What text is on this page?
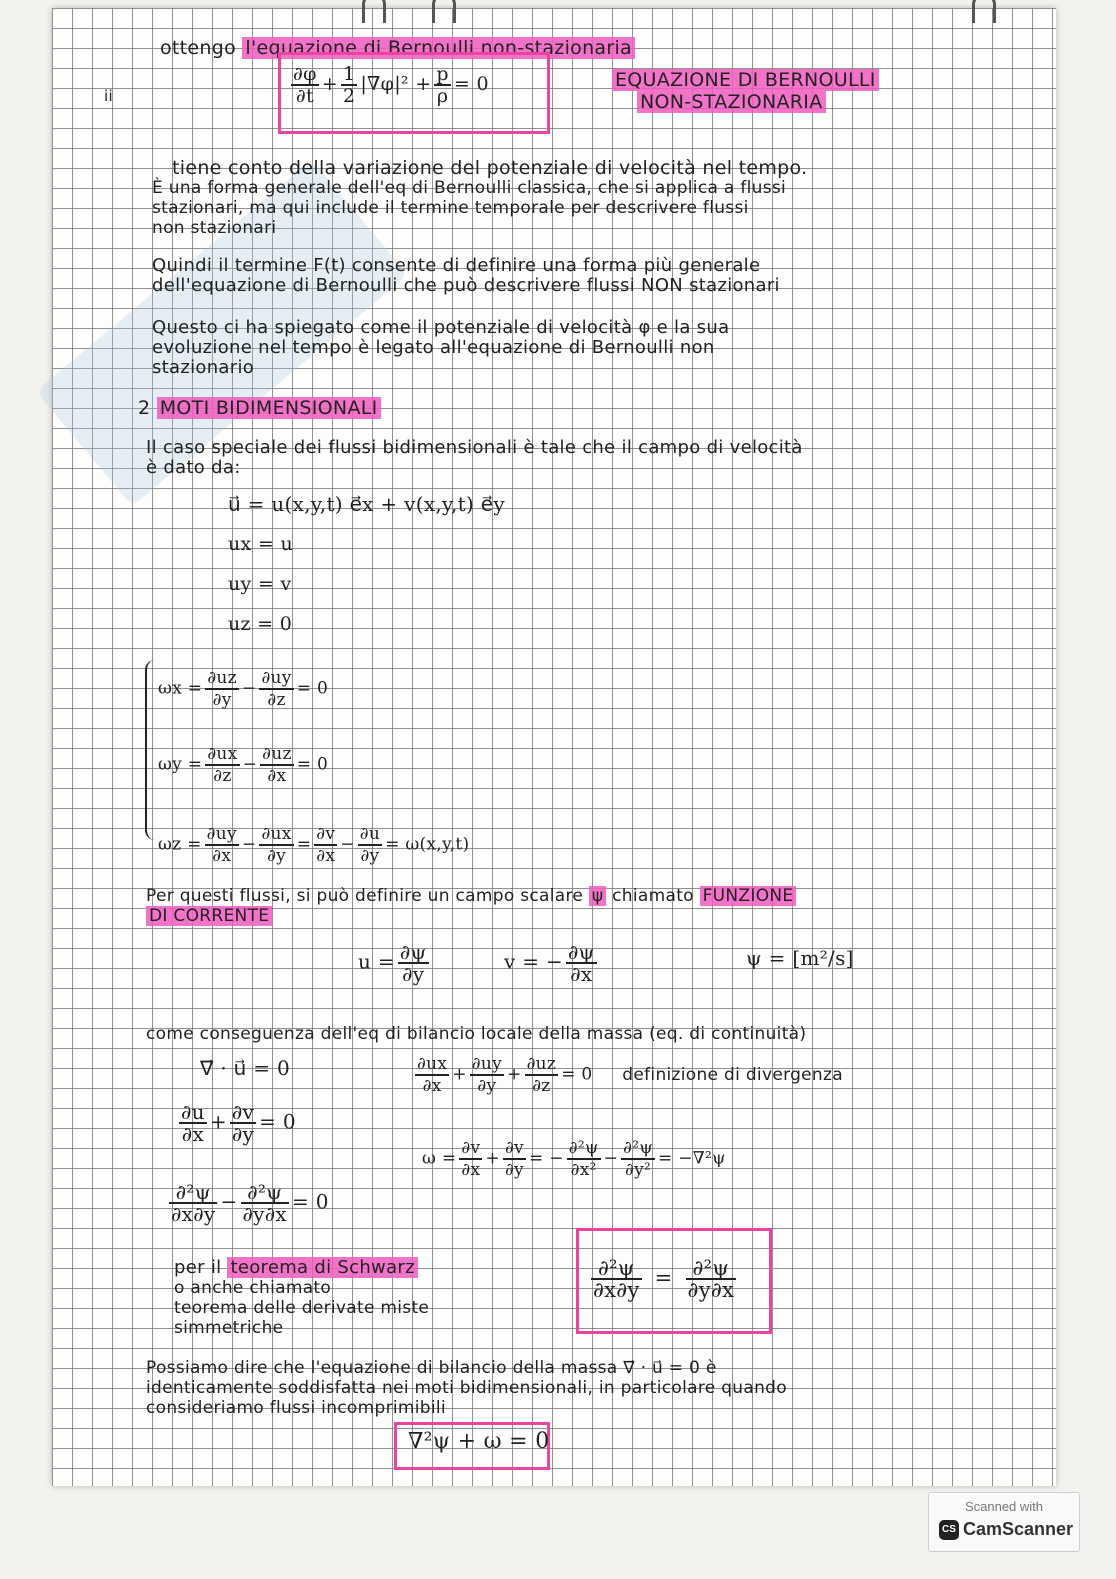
ottengo l'equazione di Bernoulli non-stazionaria
ii	$\frac{\partial\varphi}{\partial t} + \frac{1}{2} |\nabla\varphi|^2 + \frac{p}{\rho} = 0$	EQUAZIONE DI BERNOULLI
NON-STAZIONARIA
tiene conto della variazione del potenziale di velocità nel tempo.
È una forma generale dell'eq di Bernoulli classica, che si applica a flussi
stazionari, ma qui include il termine temporale per descrivere flussi
non stazionari
Quindi il termine F(t) consente di definire una forma più generale
dell'equazione di Bernoulli che può descrivere flussi NON stazionari
Questo ci ha spiegato come il potenziale di velocità φ e la sua
evoluzione nel tempo è legato all'equazione di Bernoulli non
stazionario
2 MOTI BIDIMENSIONALI
Il caso speciale dei flussi bidimensionali è tale che il campo di velocità
è dato da:
u⃗ = u(x,y,t) e⃗x + v(x,y,t) e⃗y
ux = u
uy = v
uz = 0
$\omega x = \frac{\partial uz}{\partial y} - \frac{\partial uy}{\partial z} = 0$
$\omega y = \frac{\partial ux}{\partial z} - \frac{\partial uz}{\partial x} = 0$
$\omega z = \frac{\partial uy}{\partial x} - \frac{\partial ux}{\partial y} = \frac{\partial v}{\partial x} - \frac{\partial u}{\partial y} = \omega(x,y,t)$
Per questi flussi, si può definire un campo scalare ψ chiamato FUNZIONE
DI CORRENTE
$u = \frac{\partial\psi}{\partial y}$	v = − $\frac{\partial\psi}{\partial x}$	ψ = [m²/s]
come conseguenza dell'eq di bilancio locale della massa (eq. di continuità)
∇⃗ · u⃗ = 0	$\frac{\partial ux}{\partial x} + \frac{\partial uy}{\partial y} + \frac{\partial uz}{\partial z} = 0$ definizione di divergenza
$\frac{\partial u}{\partial x} + \frac{\partial v}{\partial y} = 0$
$\omega = \frac{\partial v}{\partial x} + \frac{\partial v}{\partial y}$ = − $\frac{\text{∂²ψ}}{\text{∂x²}} - \frac{\text{∂²ψ}}{\text{∂y²}} = -\nabla^2\psi$
$\frac{\text{∂²ψ}}{\partial x\partial y} - \frac{\text{∂²ψ}}{\partial y\partial x} = 0$
per il teorema di Schwarz
o anche chiamato
teorema delle derivate miste
simmetriche
$\frac{\text{∂²ψ}}{\partial x\partial y} = \frac{\text{∂²ψ}}{\partial y\partial x}$
Possiamo dire che l'equazione di bilancio della massa ∇⃗ · u⃗ = 0 è
identicamente soddisfatta nei moti bidimensionali, in particolare quando
consideriamo flussi incomprimibili
∇²ψ + ω = 0
Scanned with
CS CamScanner
